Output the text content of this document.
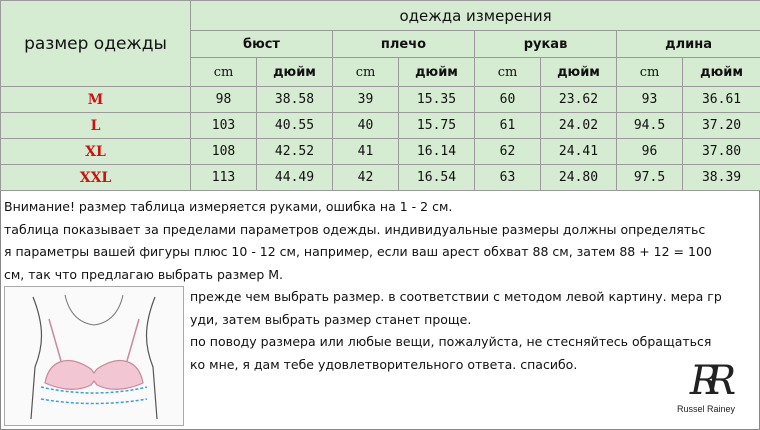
размер одежды	одежда измерения							
	бюст		плечо		рукав		длина	
	cm	дюйм	cm	дюйм	cm	дюйм	cm	дюйм
M	98	38.58	39	15.35	60	23.62	93	36.61
L	103	40.55	40	15.75	61	24.02	94.5	37.20
XL	108	42.52	41	16.14	62	24.41	96	37.80
XXL	113	44.49	42	16.54	63	24.80	97.5	38.39
Внимание! размер таблица измеряется руками, ошибка на 1 - 2 см.
таблица показывает за пределами параметров одежды. индивидуальные размеры должны определятьс
я параметры вашей фигуры плюс 10 - 12 см, например, если ваш арест обхват 88 см, затем 88 + 12 = 100
см, так что предлагаю выбрать размер M.
прежде чем выбрать размер. в соответствии с методом левой картину. мера гр
уди, затем выбрать размер станет проще.
по поводу размера или любые вещи, пожалуйста, не стесняйтесь обращаться
ко мне, я дам тебе удовлетворительного ответа. спасибо.	RR
Russel Rainey
